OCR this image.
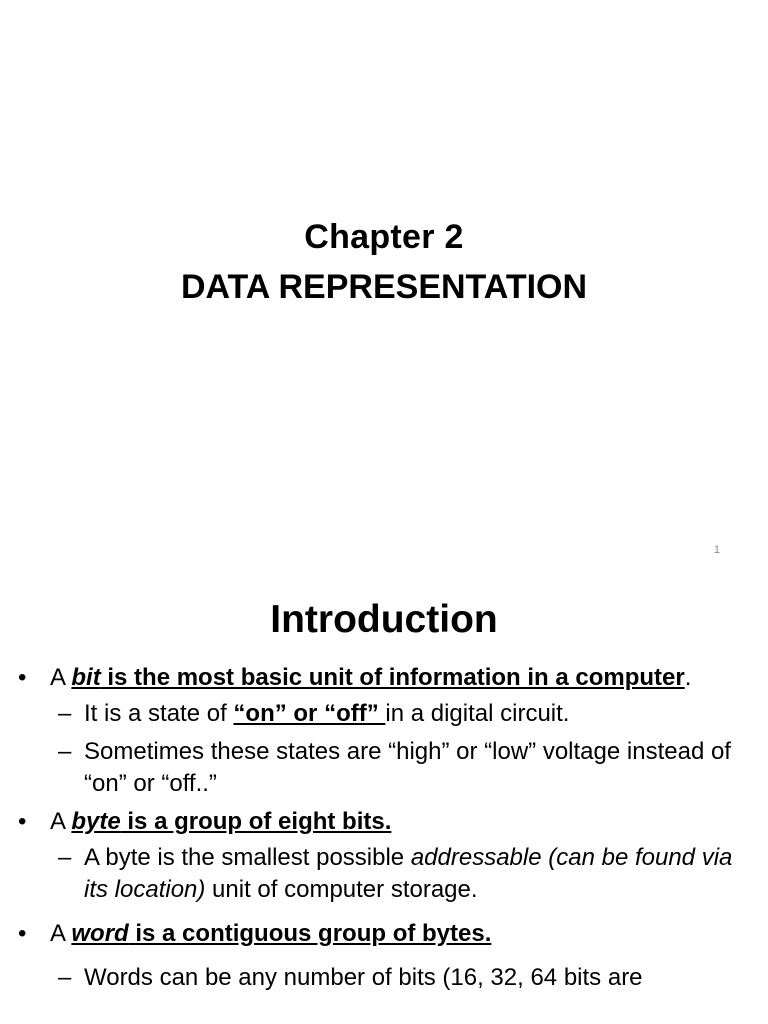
Chapter 2
DATA REPRESENTATION
1
Introduction
• A bit is the most basic unit of information in a computer.
– It is a state of “on” or “off” in a digital circuit.
– Sometimes these states are “high” or “low” voltage instead of “on” or “off..”
• A byte is a group of eight bits.
– A byte is the smallest possible addressable (can be found via its location) unit of computer storage.
• A word is a contiguous group of bytes.
– Words can be any number of bits (16, 32, 64 bits are
